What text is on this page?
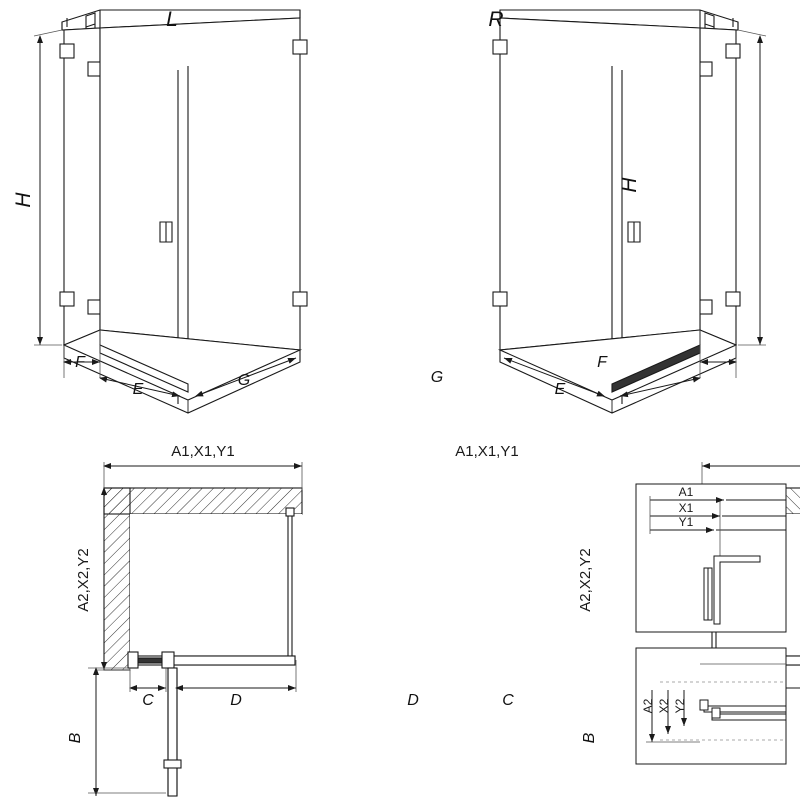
L
H
F
E
G
R
H
G
E
F
A1,X1,Y1
A2,X2,Y2
C	D
B
A1,X1,Y1
A2,X2,Y2
D	C
B
A1
X1
Y1
A2 X2 Y2
